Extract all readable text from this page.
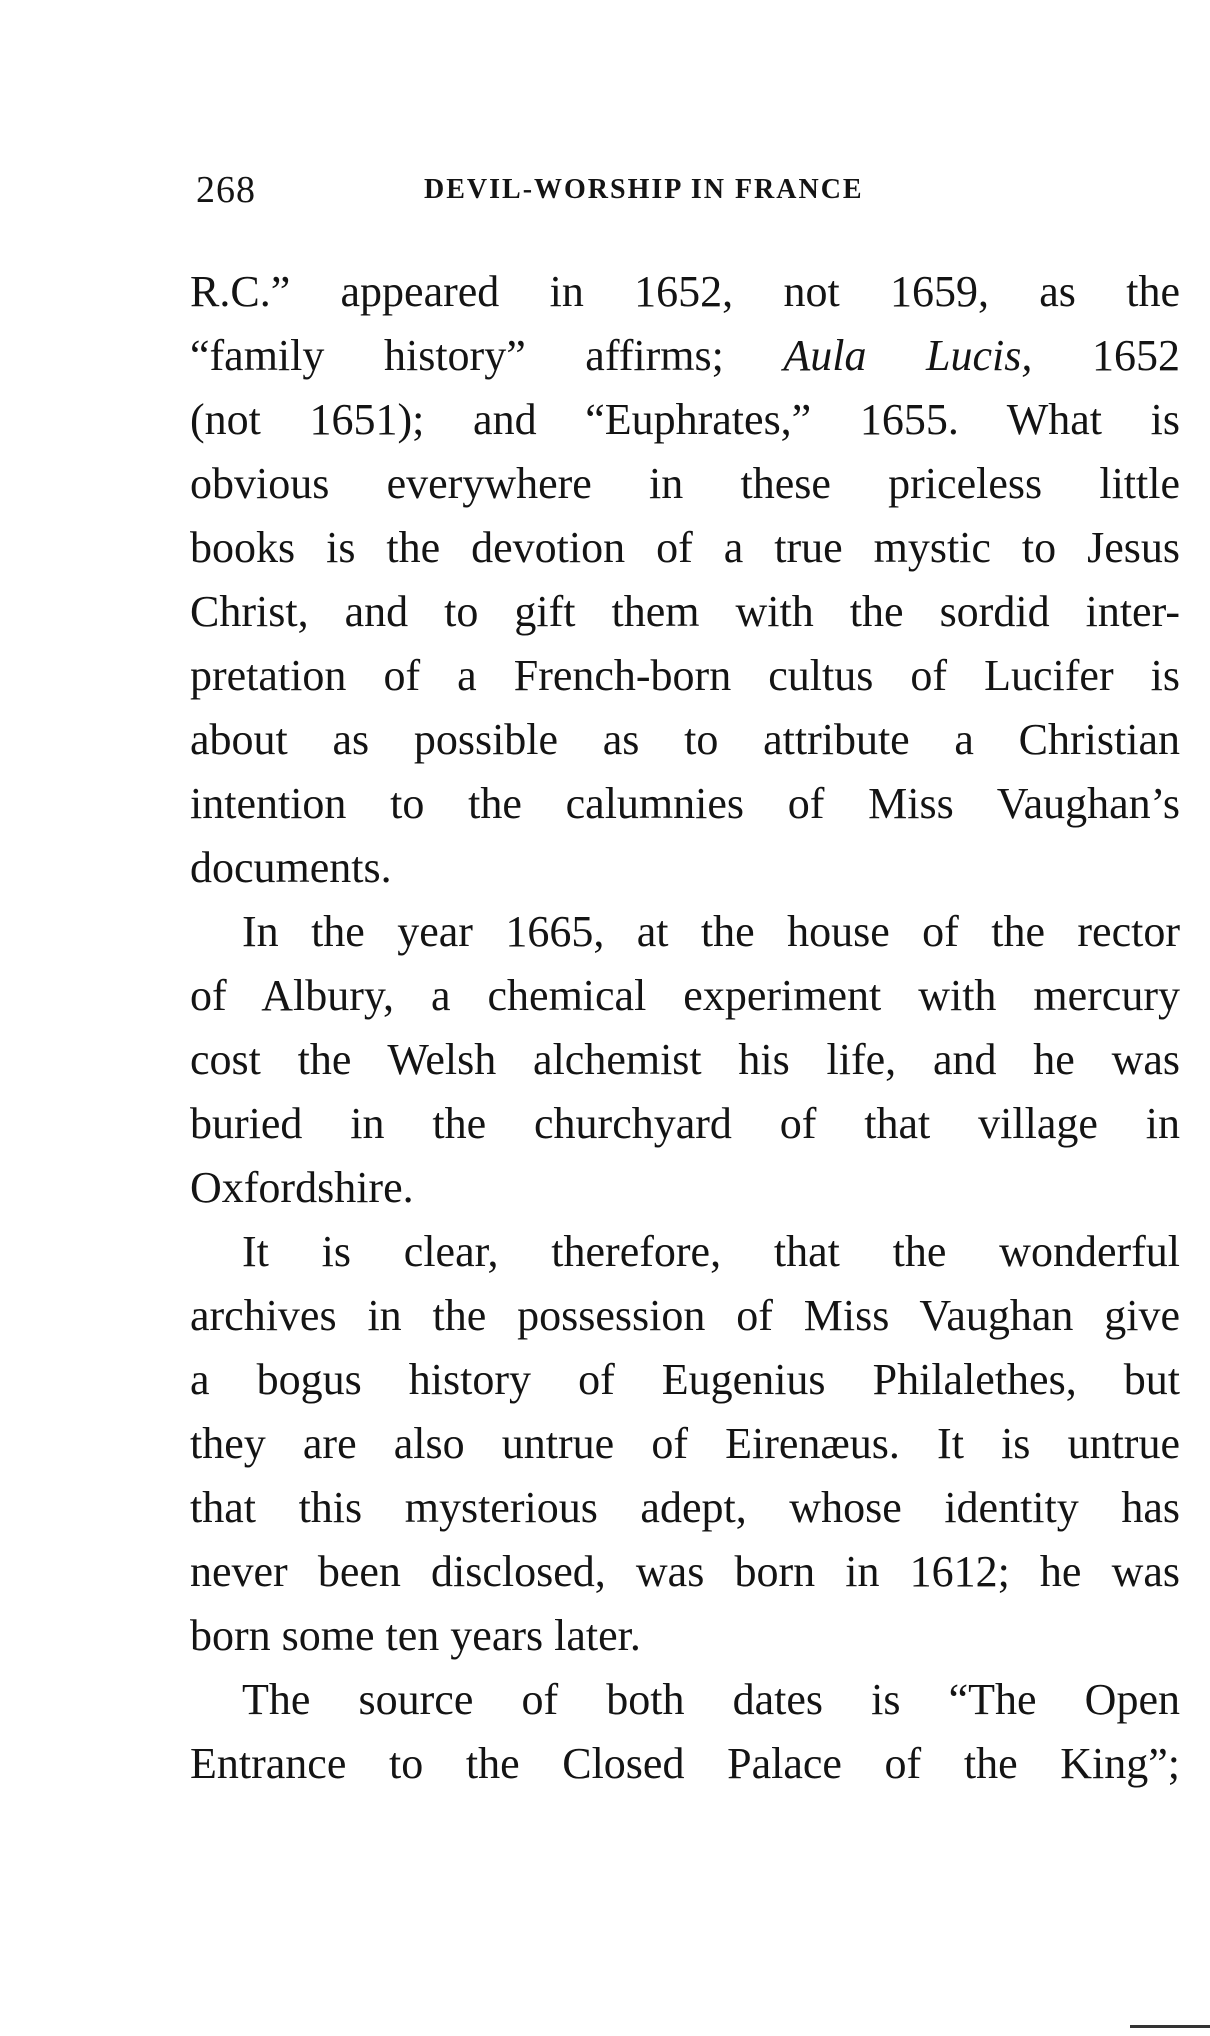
268	DEVIL-WORSHIP IN FRANCE
R.C.” appeared in 1652, not 1659, as the
“family history” affirms; Aula Lucis, 1652
(not 1651); and “Euphrates,” 1655. What is
obvious everywhere in these priceless little
books is the devotion of a true mystic to Jesus
Christ, and to gift them with the sordid inter-
pretation of a French-born cultus of Lucifer is
about as possible as to attribute a Christian
intention to the calumnies of Miss Vaughan’s
documents.
In the year 1665, at the house of the rector
of Albury, a chemical experiment with mercury
cost the Welsh alchemist his life, and he was
buried in the churchyard of that village in
Oxfordshire.
It is clear, therefore, that the wonderful
archives in the possession of Miss Vaughan give
a bogus history of Eugenius Philalethes, but
they are also untrue of Eirenæus. It is untrue
that this mysterious adept, whose identity has
never been disclosed, was born in 1612; he was
born some ten years later.
The source of both dates is “The Open
Entrance to the Closed Palace of the King”;
